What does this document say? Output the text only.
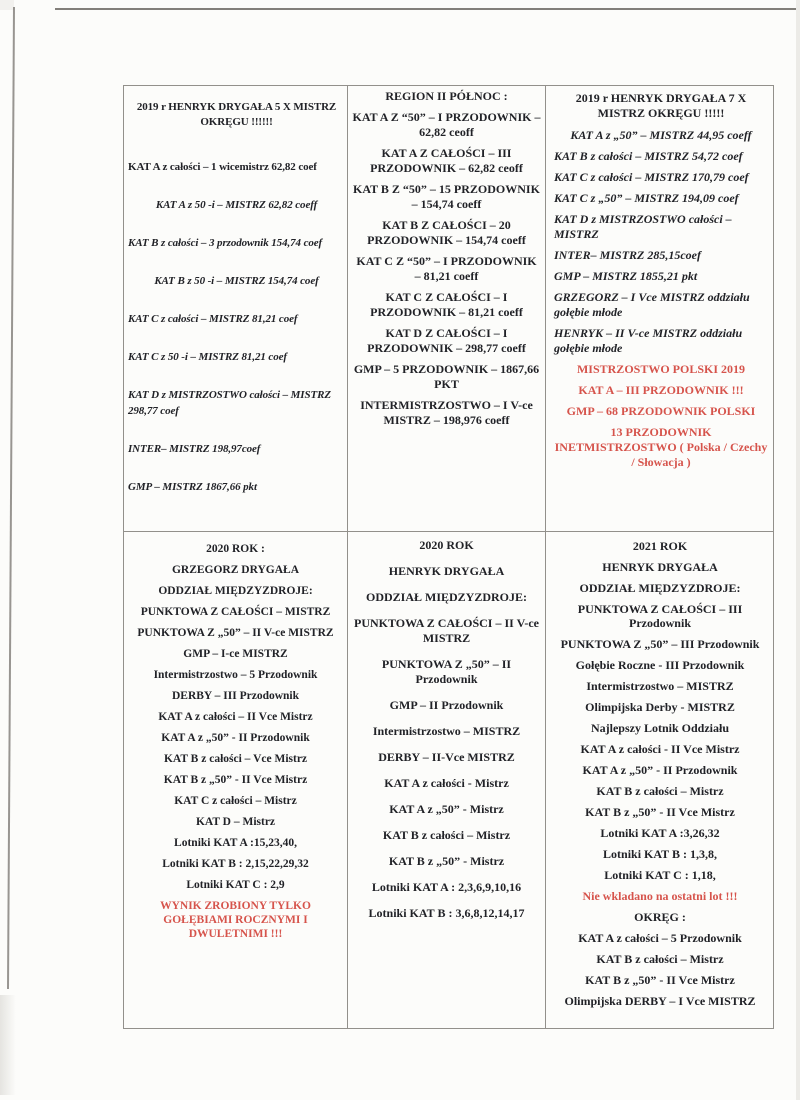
2019 r HENRYK DRYGAŁA 5 X MISTRZ OKRĘGU !!!!!!
KAT A z całości – 1 wicemistrz 62,82 coef
KAT A z 50 -i – MISTRZ 62,82 coeff
KAT B z całości – 3 przodownik 154,74 coef
KAT B z 50 -i – MISTRZ 154,74 coef
KAT C z całości – MISTRZ 81,21 coef
KAT C z 50 -i – MISTRZ 81,21 coef
KAT D z MISTRZOSTWO całości – MISTRZ 298,77 coef
INTER– MISTRZ 198,97coef
GMP – MISTRZ 1867,66 pkt
REGION II PÓŁNOC :
KAT A Z “50” – I PRZODOWNIK – 62,82 ceoff
KAT A Z CAŁOŚCI – III PRZODOWNIK – 62,82 ceoff
KAT B Z “50” – 15 PRZODOWNIK – 154,74 coeff
KAT B Z CAŁOŚCI – 20 PRZODOWNIK – 154,74 coeff
KAT C Z “50” – I PRZODOWNIK – 81,21 coeff
KAT C Z CAŁOŚCI – I PRZODOWNIK – 81,21 coeff
KAT D Z CAŁOŚCI – I PRZODOWNIK – 298,77 coeff
GMP – 5 PRZODOWNIK – 1867,66 PKT
INTERMISTRZOSTWO – I V-ce MISTRZ – 198,976 coeff
2019 r HENRYK DRYGAŁA 7 X MISTRZ OKRĘGU !!!!!
KAT A z „50” – MISTRZ 44,95 coeff
KAT B z całości – MISTRZ 54,72 coef
KAT C z całości – MISTRZ 170,79 coef
KAT C z „50” – MISTRZ 194,09 coef
KAT D z MISTRZOSTWO całości – MISTRZ
INTER– MISTRZ 285,15coef
GMP – MISTRZ 1855,21 pkt
GRZEGORZ – I Vce MISTRZ oddziału gołębie młode
HENRYK – II V-ce MISTRZ oddziału gołębie młode
MISTRZOSTWO POLSKI 2019
KAT A – III PRZODOWNIK !!!
GMP – 68 PRZODOWNIK POLSKI
13 PRZODOWNIK INETMISTRZOSTWO ( Polska / Czechy / Słowacja )
2020 ROK :
GRZEGORZ DRYGAŁA
ODDZIAŁ MIĘDZYZDROJE:
PUNKTOWA Z CAŁOŚCI – MISTRZ
PUNKTOWA Z „50” – II V-ce MISTRZ
GMP – I-ce MISTRZ
Intermistrzostwo – 5 Przodownik
DERBY – III Przodownik
KAT A z całości – II Vce Mistrz
KAT A z „50” - II Przodownik
KAT B z całości – Vce Mistrz
KAT B z „50” - II Vce Mistrz
KAT C z całości – Mistrz
KAT D – Mistrz
Lotniki KAT A :15,23,40,
Lotniki KAT B : 2,15,22,29,32
Lotniki KAT C : 2,9
WYNIK ZROBIONY TYLKO GOŁĘBIAMI ROCZNYMI I DWULETNIMI !!!
2020 ROK
HENRYK DRYGAŁA
ODDZIAŁ MIĘDZYZDROJE:
PUNKTOWA Z CAŁOŚCI – II V-ce MISTRZ
PUNKTOWA Z „50” – II Przodownik
GMP – II Przodownik
Intermistrzostwo – MISTRZ
DERBY – II-Vce MISTRZ
KAT A z całości - Mistrz
KAT A z „50” - Mistrz
KAT B z całości – Mistrz
KAT B z „50” - Mistrz
Lotniki KAT A : 2,3,6,9,10,16
Lotniki KAT B : 3,6,8,12,14,17
2021 ROK
HENRYK DRYGAŁA
ODDZIAŁ MIĘDZYZDROJE:
PUNKTOWA Z CAŁOŚCI – III Przodownik
PUNKTOWA Z „50” – III Przodownik
Gołębie Roczne - III Przodownik
Intermistrzostwo – MISTRZ
Olimpijska Derby - MISTRZ
Najlepszy Lotnik Oddziału
KAT A z całości - II Vce Mistrz
KAT A z „50” - II Przodownik
KAT B z całości – Mistrz
KAT B z „50” - II Vce Mistrz
Lotniki KAT A :3,26,32
Lotniki KAT B : 1,3,8,
Lotniki KAT C : 1,18,
Nie wkladano na ostatni lot !!!
OKRĘG :
KAT A z całości – 5 Przodownik
KAT B z całości – Mistrz
KAT B z „50” - II Vce Mistrz
Olimpijska DERBY – I Vce MISTRZ
